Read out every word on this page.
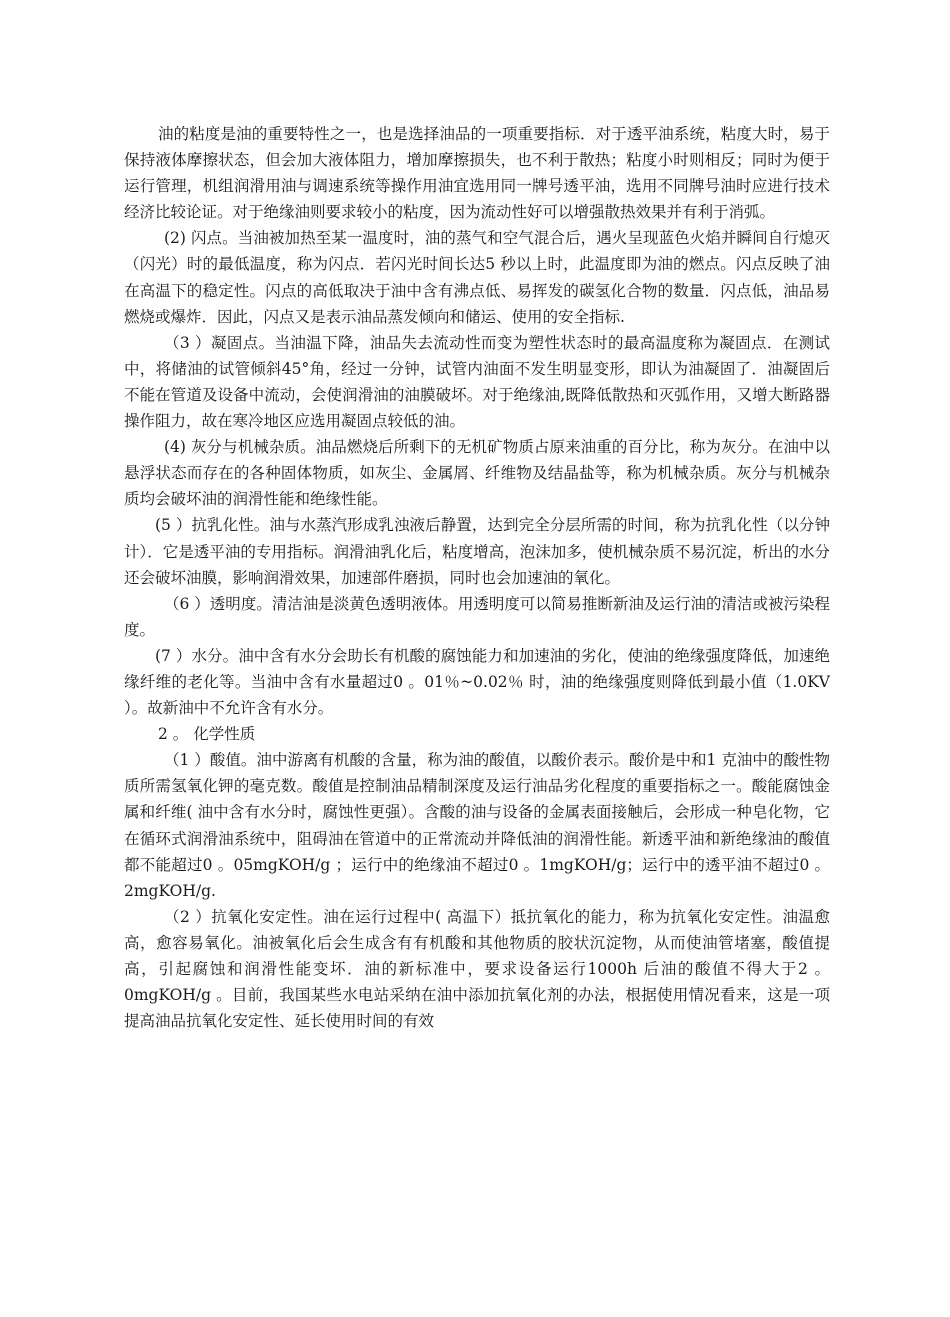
油的粘度是油的重要特性之一，也是选择油品的一项重要指标．对于透平油系统，粘度大时，易于保持液体摩擦状态，但会加大液体阻力，增加摩擦损失，也不利于散热；粘度小时则相反；同时为便于运行管理，机组润滑用油与调速系统等操作用油宜选用同一牌号透平油，选用不同牌号油时应进行技术经济比较论证。对于绝缘油则要求较小的粘度，因为流动性好可以增强散热效果并有利于消弧。

(2) 闪点。当油被加热至某一温度时，油的蒸气和空气混合后，遇火呈现蓝色火焰并瞬间自行熄灭（闪光）时的最低温度，称为闪点．若闪光时间长达5 秒以上时，此温度即为油的燃点。闪点反映了油在高温下的稳定性。闪点的高低取决于油中含有沸点低、易挥发的碳氢化合物的数量．闪点低，油品易燃烧或爆炸．因此，闪点又是表示油品蒸发倾向和储运、使用的安全指标.

（3 ）凝固点。当油温下降，油品失去流动性而变为塑性状态时的最高温度称为凝固点．在测试中，将储油的试管倾斜45°角，经过一分钟，试管内油面不发生明显变形，即认为油凝固了．油凝固后不能在管道及设备中流动，会使润滑油的油膜破坏。对于绝缘油,既降低散热和灭弧作用，又增大断路器操作阻力，故在寒冷地区应选用凝固点较低的油。

(4) 灰分与机械杂质。油品燃烧后所剩下的无机矿物质占原来油重的百分比，称为灰分。在油中以悬浮状态而存在的各种固体物质，如灰尘、金属屑、纤维物及结晶盐等，称为机械杂质。灰分与机械杂质均会破坏油的润滑性能和绝缘性能。

(5 ）抗乳化性。油与水蒸汽形成乳浊液后静置，达到完全分层所需的时间，称为抗乳化性（以分钟计）．它是透平油的专用指标。润滑油乳化后，粘度增高，泡沫加多，使机械杂质不易沉淀，析出的水分还会破坏油膜，影响润滑效果，加速部件磨损，同时也会加速油的氧化。

（6 ）透明度。清洁油是淡黄色透明液体。用透明度可以简易推断新油及运行油的清洁或被污染程度。

(7 ）水分。油中含有水分会助长有机酸的腐蚀能力和加速油的劣化，使油的绝缘强度降低，加速绝缘纤维的老化等。当油中含有水量超过0 。01％~0.02％ 时，油的绝缘强度则降低到最小值（1.0KV ）。故新油中不允许含有水分。

2 。 化学性质

（1 ）酸值。油中游离有机酸的含量，称为油的酸值，以酸价表示。酸价是中和1 克油中的酸性物质所需氢氧化钾的毫克数。酸值是控制油品精制深度及运行油品劣化程度的重要指标之一。酸能腐蚀金属和纤维( 油中含有水分时，腐蚀性更强）。含酸的油与设备的金属表面接触后，会形成一种皂化物，它在循环式润滑油系统中，阻碍油在管道中的正常流动并降低油的润滑性能。新透平油和新绝缘油的酸值都不能超过0 。05mgKOH/g ；运行中的绝缘油不超过0 。1mgKOH/g；运行中的透平油不超过0 。2mgKOH/g.

（2 ）抗氧化安定性。油在运行过程中( 高温下）抵抗氧化的能力，称为抗氧化安定性。油温愈高，愈容易氧化。油被氧化后会生成含有有机酸和其他物质的胶状沉淀物，从而使油管堵塞，酸值提高，引起腐蚀和润滑性能变坏．油的新标准中，要求设备运行1000h 后油的酸值不得大于2 。0mgKOH/g 。目前，我国某些水电站采纳在油中添加抗氧化剂的办法，根据使用情况看来，这是一项提高油品抗氧化安定性、延长使用时间的有效
